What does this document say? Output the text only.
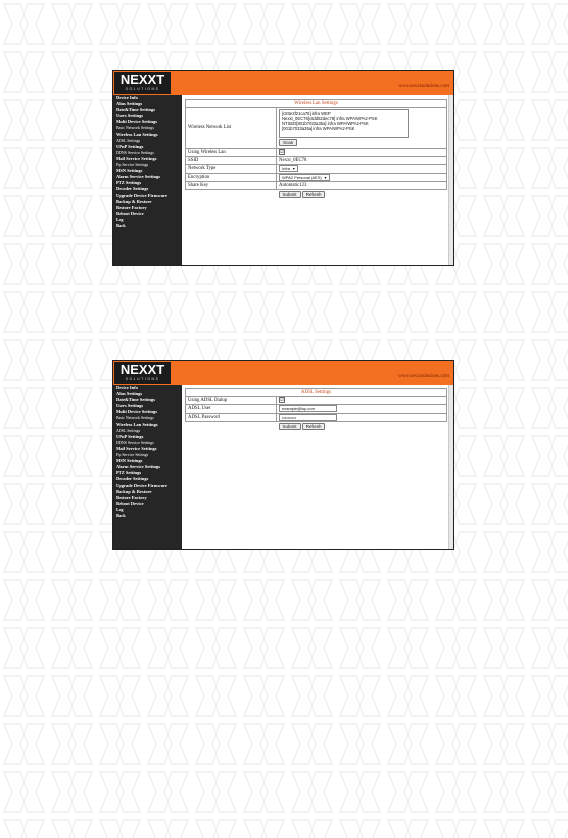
NEXXT
SOLUTIONS	www.nexxtsolutions.com
Device Info
Alias Settings
Date&Time Settings
Users Settings
Multi Device Settings
Basic Network Settings
Wireless Lan Settings
ADSL Settings
UPnP Settings
DDNS Service Settings
Mail Service Settings
Ftp Service Settings
MSN Settings
Alarm Service Settings
PTZ Settings
Decoder Settings
Upgrade Device Firmware
Backup & Restore
Restore Factory
Reboot Device
Log
Back
Wireless Lan Settings	
Wireless Network List	[c83e3f21ca78] infra WEP
Nexxt_0EC78[c8dd52dec78] infra WPA/WPA2-PSK
NTSED[801b7033a35a] infra WPA/WPA2-PSK
[001b7033a35a] infra WPA/WPA2-PSK
Scan

Using Wireless Lan	☑
SSID	Nexxt_0EC78
Network Type	Infra ▼
Encryption	WPA2 Personal (AES) ▼
Share Key	Automatic123
	Submit Refresh
NEXXT
SOLUTIONS	www.nexxtsolutions.com
Device Info
Alias Settings
Date&Time Settings
Users Settings
Multi Device Settings
Basic Network Settings
Wireless Lan Settings
ADSL Settings
UPnP Settings
DDNS Service Settings
Mail Service Settings
Ftp Service Settings
MSN Settings
Alarm Service Settings
PTZ Settings
Decoder Settings
Upgrade Device Firmware
Backup & Restore
Restore Factory
Reboot Device
Log
Back
ADSL Settings	
Using ADSL Dialup	☑
ADSL User	example@isp.com
ADSL Password	••••••••••
	Submit Refresh
